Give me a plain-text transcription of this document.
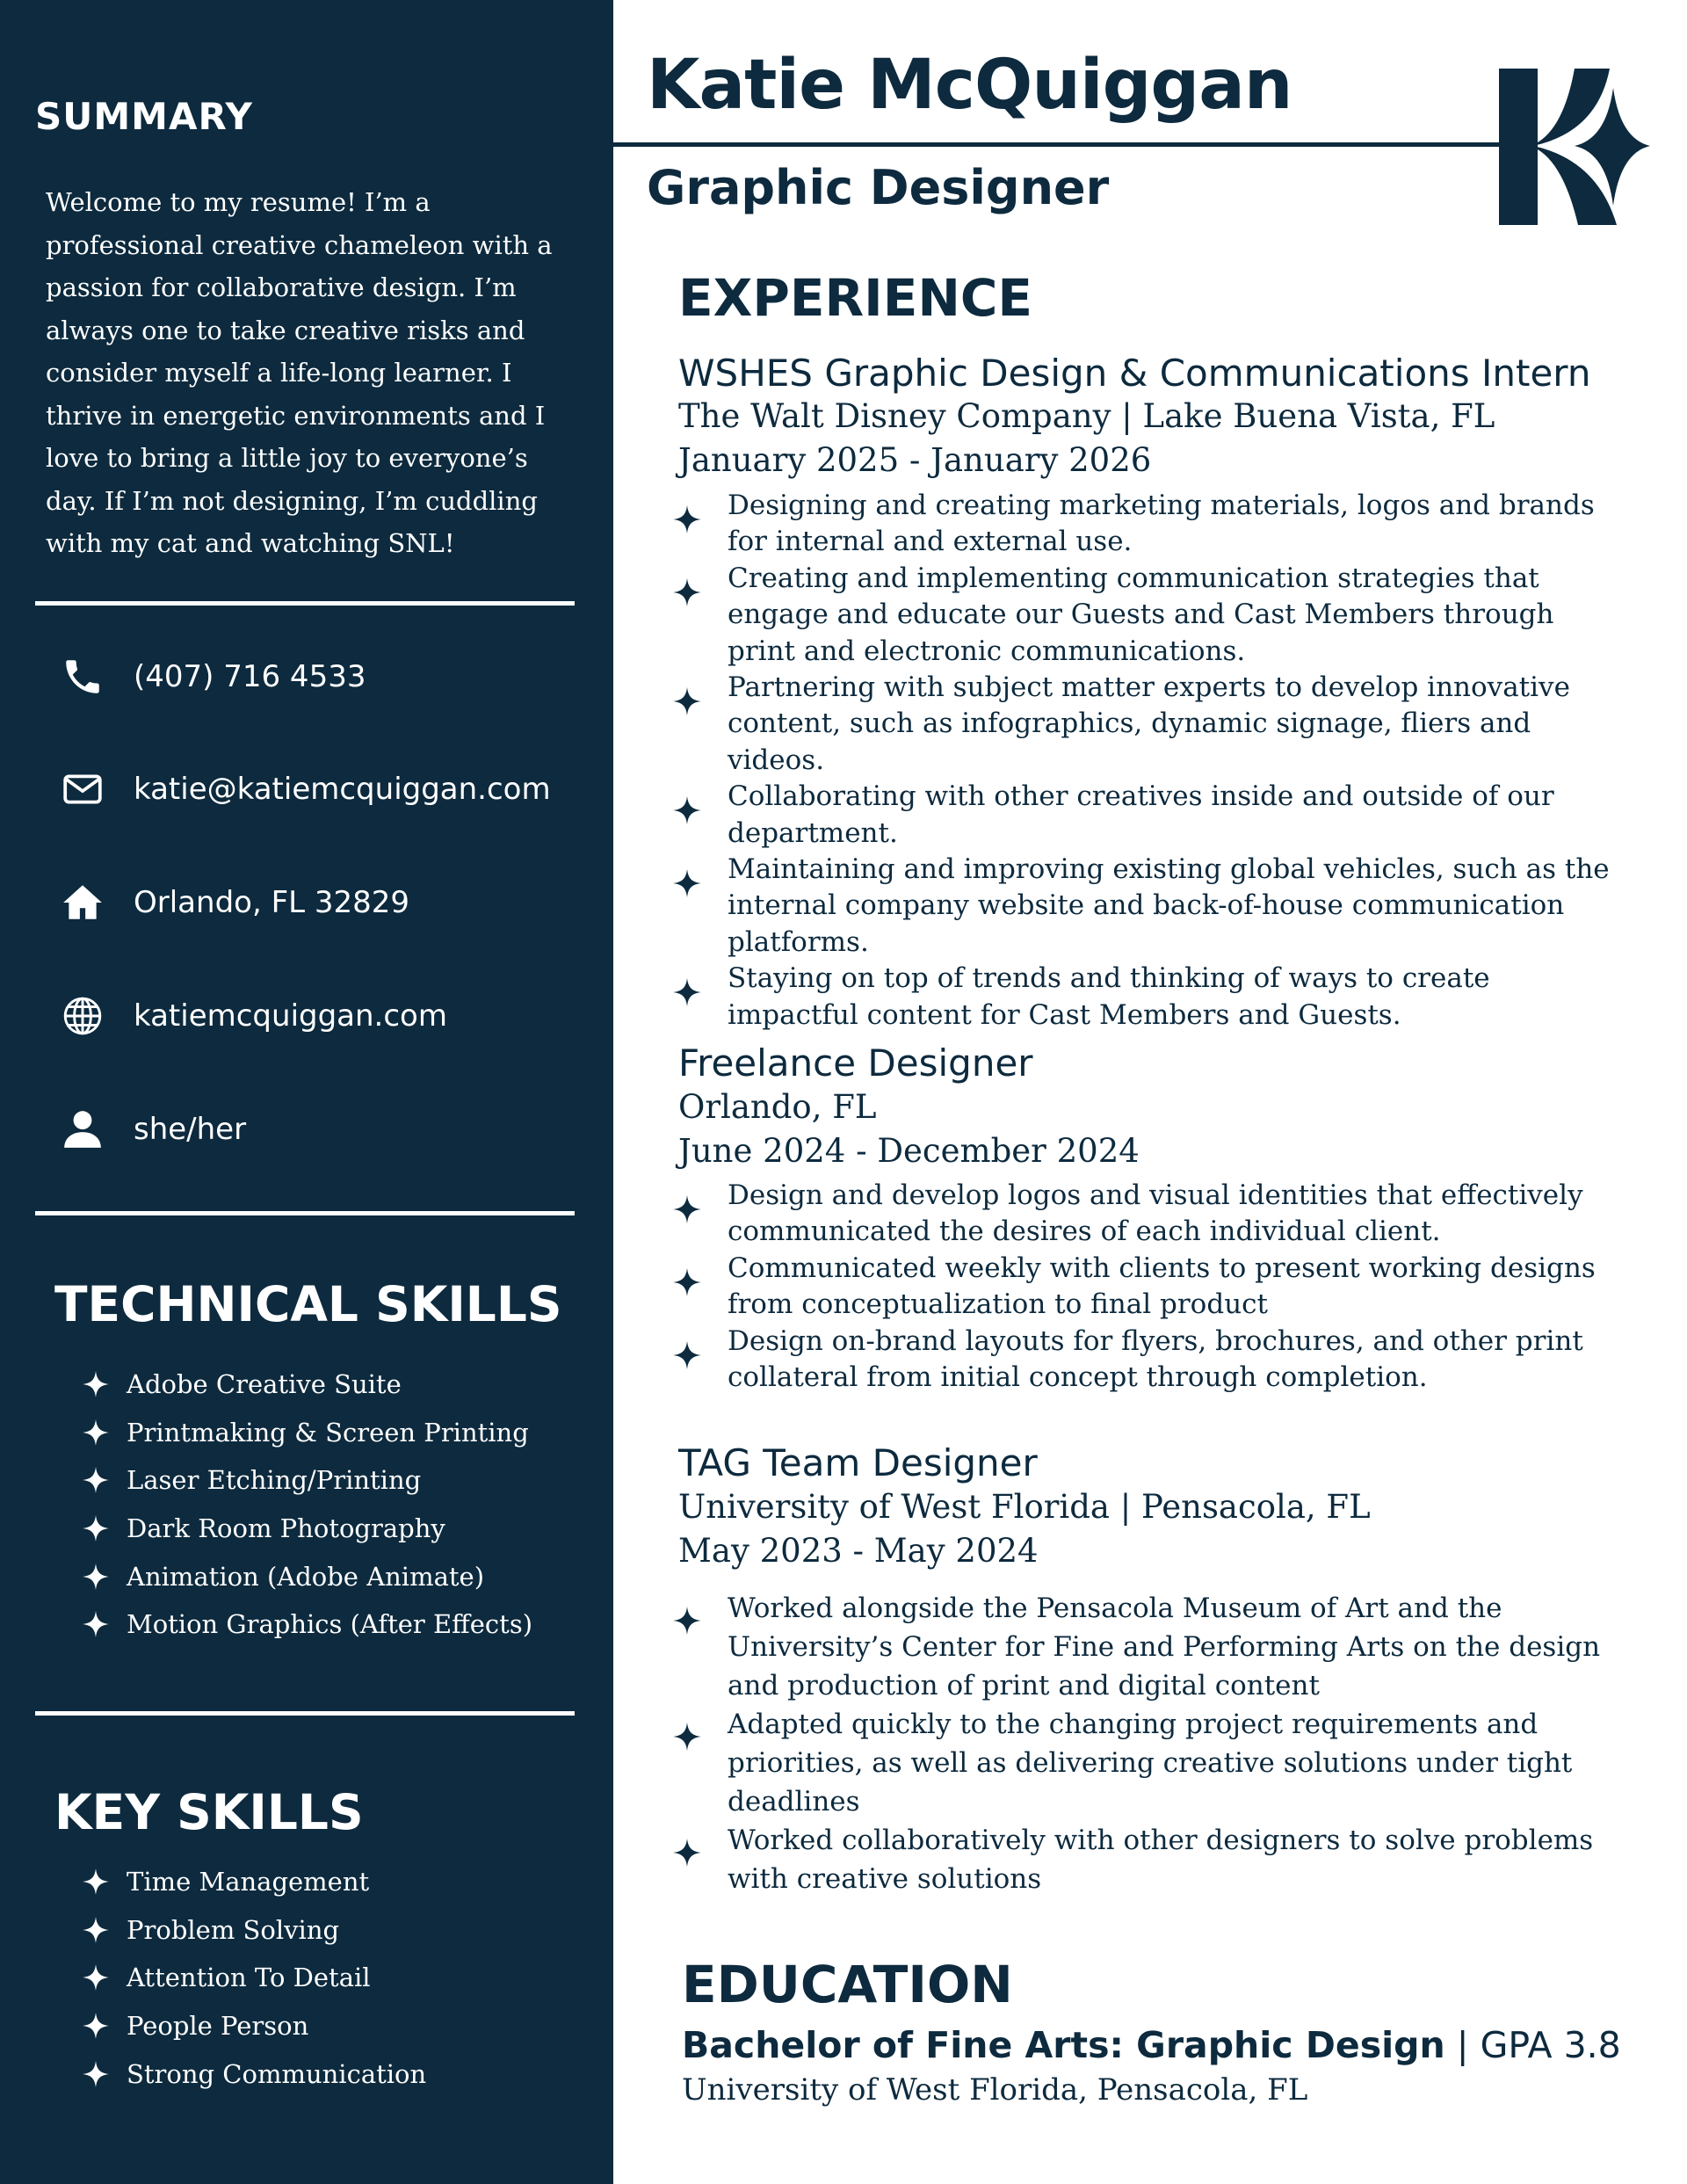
SUMMARY
Welcome to my resume! I’m a professional creative chameleon with a passion for collaborative design. I’m always one to take creative risks and consider myself a life-long learner. I thrive in energetic environments and I love to bring a little joy to everyone’s day. If I’m not designing, I’m cuddling with my cat and watching SNL!
(407) 716 4533
katie@katiemcquiggan.com
Orlando, FL 32829
katiemcquiggan.com
she/her
TECHNICAL SKILLS
Adobe Creative Suite
Printmaking & Screen Printing
Laser Etching/Printing
Dark Room Photography
Animation (Adobe Animate)
Motion Graphics (After Effects)
KEY SKILLS
Time Management
Problem Solving
Attention To Detail
People Person
Strong Communication
Katie McQuiggan
Graphic Designer
EXPERIENCE
WSHES Graphic Design & Communications Intern
The Walt Disney Company | Lake Buena Vista, FL
January 2025 - January 2026
Designing and creating marketing materials, logos and brands for internal and external use.
Creating and implementing communication strategies that engage and educate our Guests and Cast Members through print and electronic communications.
Partnering with subject matter experts to develop innovative content, such as infographics, dynamic signage, fliers and videos.
Collaborating with other creatives inside and outside of our department.
Maintaining and improving existing global vehicles, such as the internal company website and back-of-house communication platforms.
Staying on top of trends and thinking of ways to create impactful content for Cast Members and Guests.
Freelance Designer
Orlando, FL
June 2024 - December 2024
Design and develop logos and visual identities that effectively communicated the desires of each individual client.
Communicated weekly with clients to present working designs from conceptualization to final product
Design on-brand layouts for flyers, brochures, and other print collateral from initial concept through completion.
TAG Team Designer
University of West Florida | Pensacola, FL
May 2023 - May 2024
Worked alongside the Pensacola Museum of Art and the University’s Center for Fine and Performing Arts on the design and production of print and digital content
Adapted quickly to the changing project requirements and priorities, as well as delivering creative solutions under tight deadlines
Worked collaboratively with other designers to solve problems with creative solutions
EDUCATION
Bachelor of Fine Arts: Graphic Design | GPA 3.8
University of West Florida, Pensacola, FL
